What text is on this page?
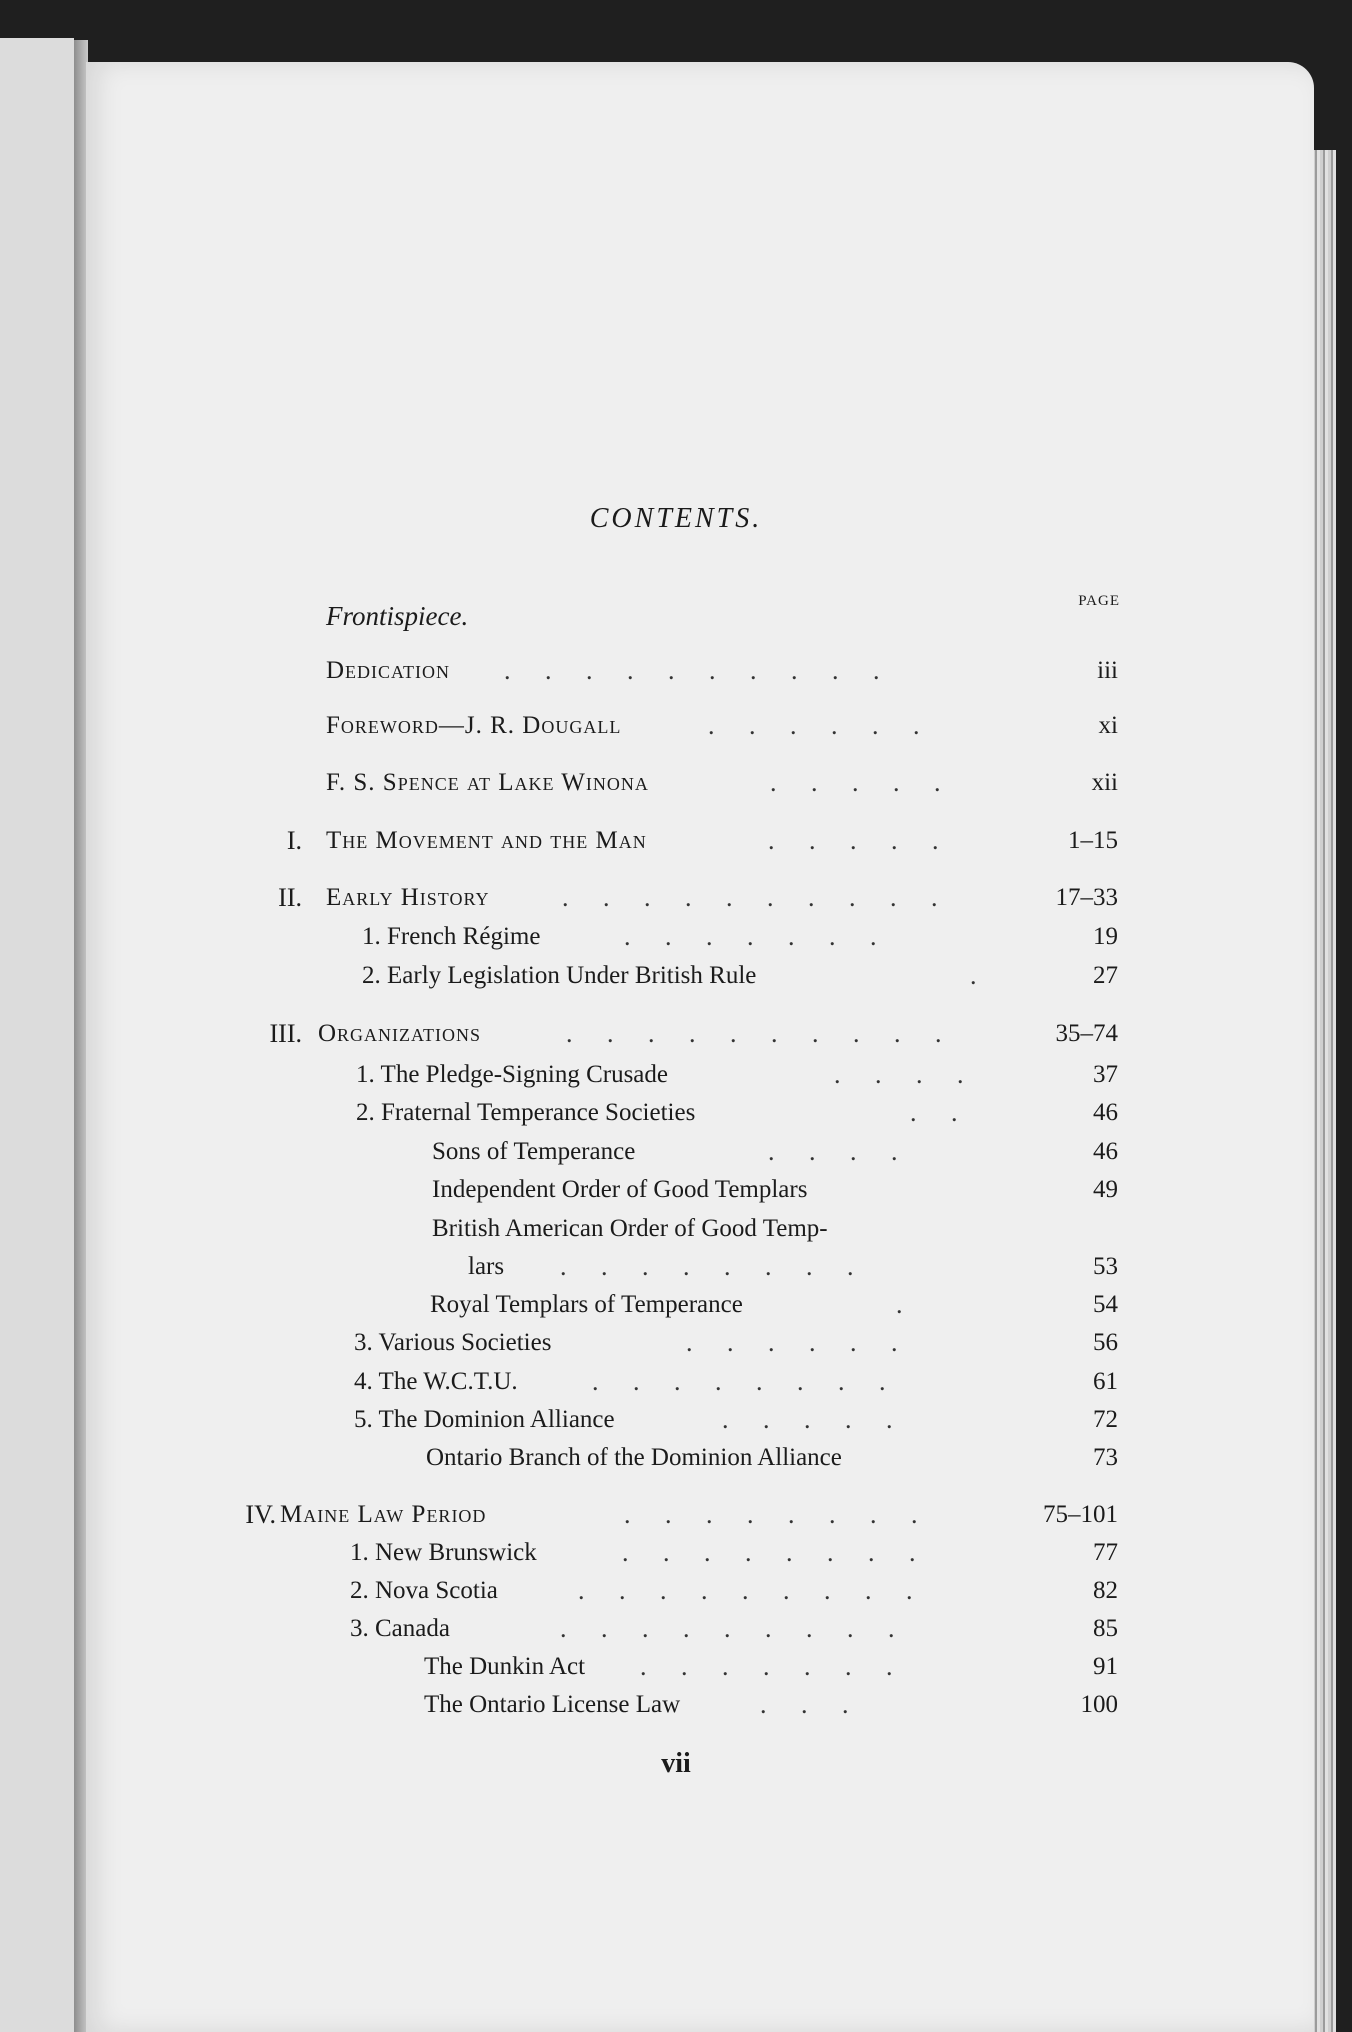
CONTENTS.
PAGE
Frontispiece.
Dedication . . . . . . . . . .	iii
Foreword—J. R. Dougall	. . . . . .	xi
F. S. Spence at Lake Winona	. . . . .	xii
I. The Movement and the Man	. . . . .	1–15
II. Early History	. . . . . . . . . .	17–33
1. French Régime	. . . . . . .	19
2. Early Legislation Under British Rule	.	27
III. Organizations	. . . . . . . . . .	35–74
1. The Pledge-Signing Crusade	. . . .	37
2. Fraternal Temperance Societies	. .	46
Sons of Temperance	. . . .	46
Independent Order of Good Templars	49
British American Order of Good Temp-
lars . . . . . . . .	53
Royal Templars of Temperance	.	54
3. Various Societies	. . . . . .	56
4. The W.C.T.U.	. . . . . . . .	61
5. The Dominion Alliance	. . . . .	72
Ontario Branch of the Dominion Alliance	73
IV. Maine Law Period	. . . . . . . .	75–101
1. New Brunswick	. . . . . . . .	77
2. Nova Scotia	. . . . . . . . .	82
3. Canada	. . . . . . . . .	85
The Dunkin Act . . . . . . .	91
The Ontario License Law	. . .	100
vii
